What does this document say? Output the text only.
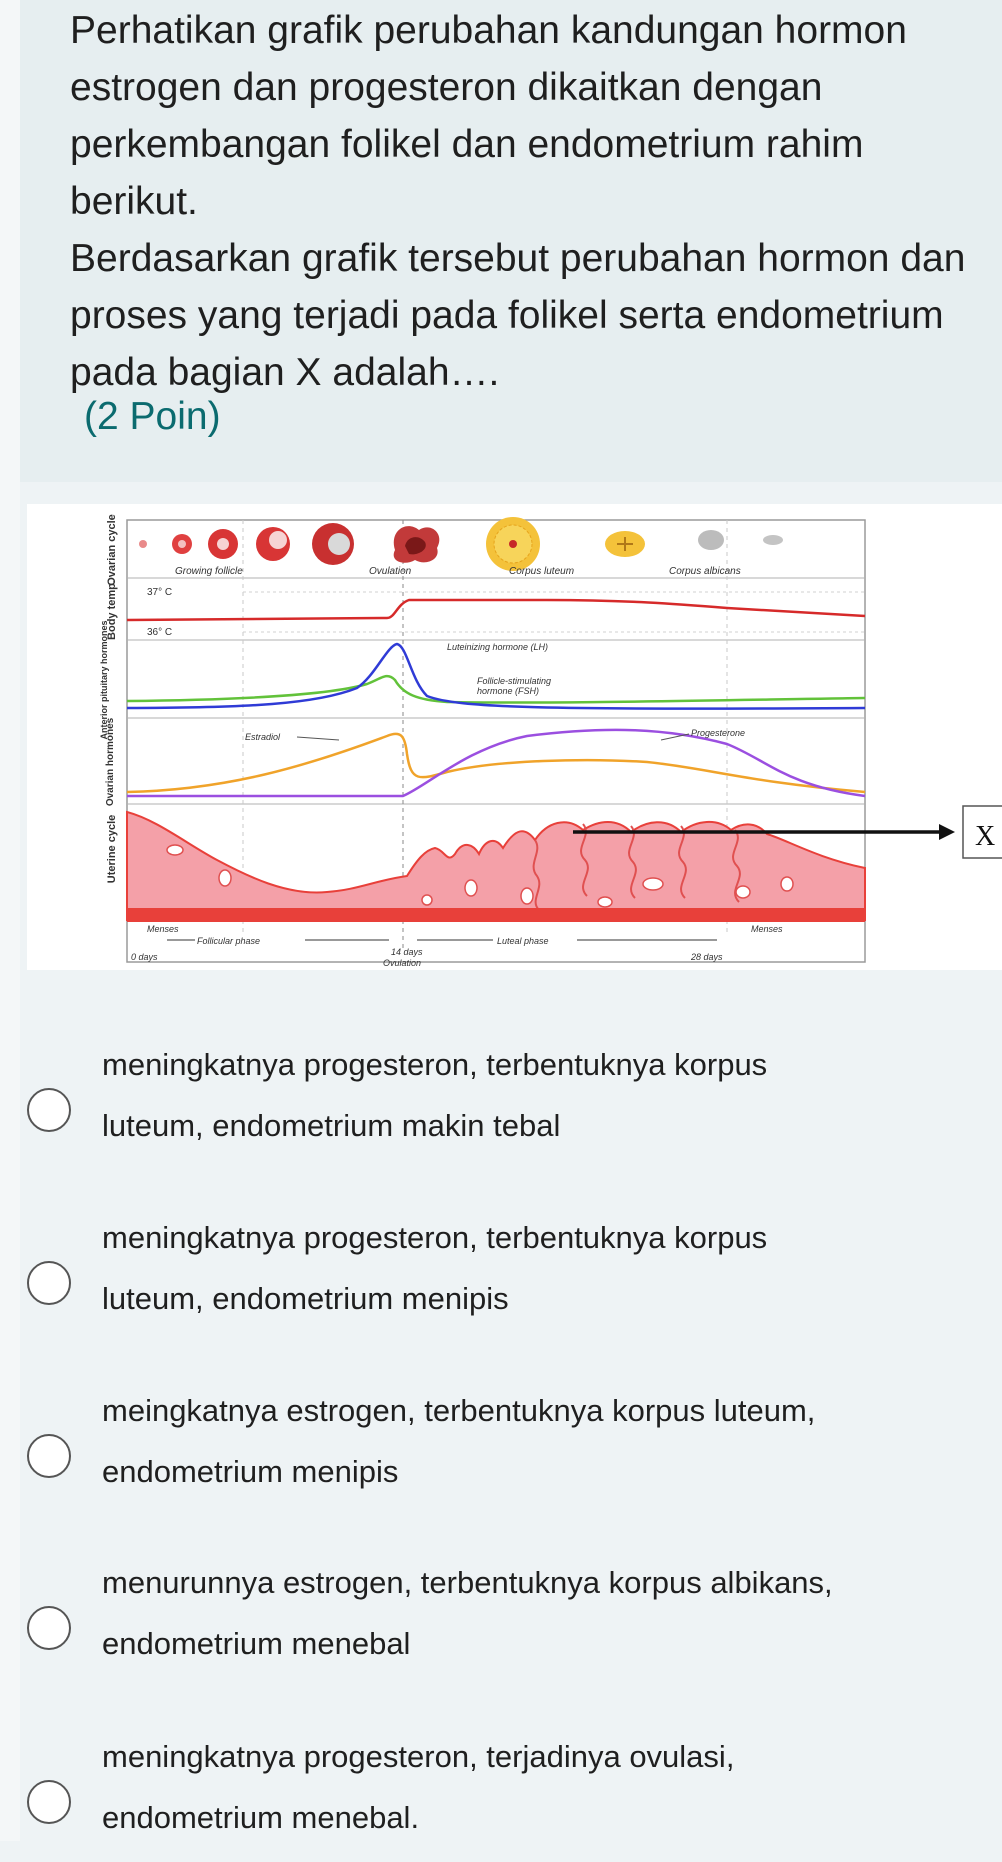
Perhatikan grafik perubahan kandungan hormon estrogen dan progesteron dikaitkan dengan perkembangan folikel dan endometrium rahim berikut.

Berdasarkan grafik tersebut perubahan hormon dan proses yang terjadi pada folikel serta endometrium pada bagian X adalah….

(2 Poin)
Ovarian cycle
Body temp.
Anterior pituitary hormones
Ovarian hormones
Uterine cycle
Growing follicle	Ovulation	Corpus luteum	Corpus albicans
37° C
36° C
Luteinizing hormone (LH)
Follicle-stimulating
hormone (FSH)
Estradiol	Progesterone
Menses	Menses
Follicular phase	Luteal phase
0 days	14 days
Ovulation
28 days
X
meningkatnya progesteron, terbentuknya korpus
luteum, endometrium makin tebal
meningkatnya progesteron, terbentuknya korpus
luteum, endometrium menipis
meingkatnya estrogen, terbentuknya korpus luteum,
endometrium menipis
menurunnya estrogen, terbentuknya korpus albikans,
endometrium menebal
meningkatnya progesteron, terjadinya ovulasi,
endometrium menebal.
